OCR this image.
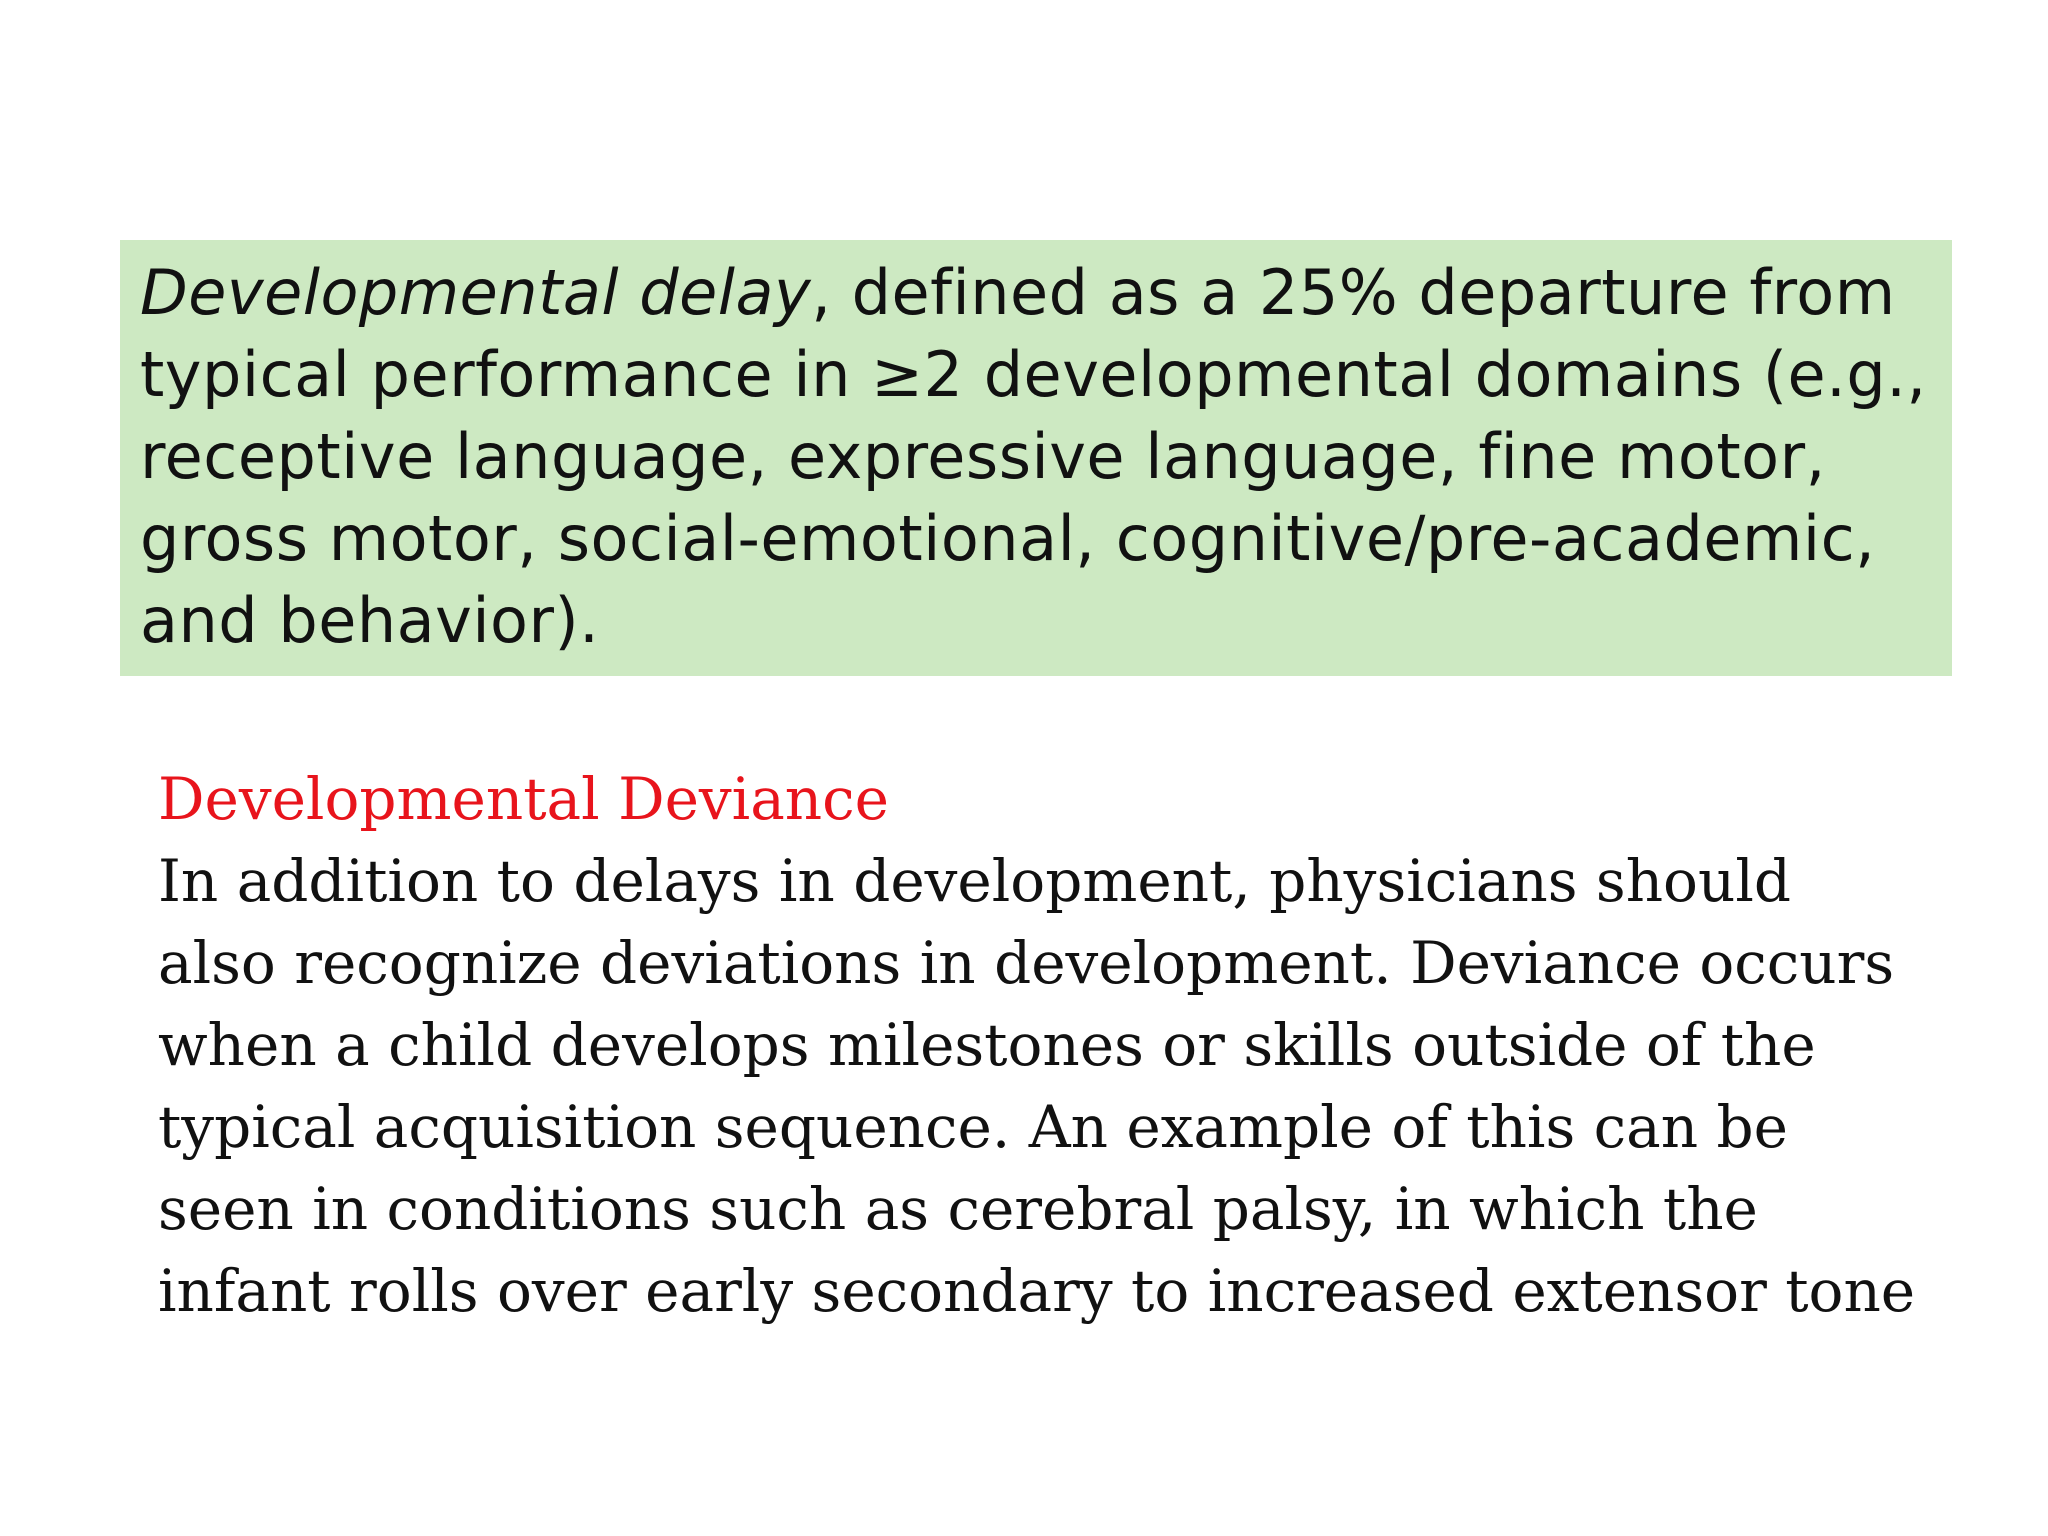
Developmental delay, defined as a 25% departure from
typical performance in ≥2 developmental domains (e.g.,
receptive language, expressive language, fine motor,
gross motor, social-emotional, cognitive/pre-academic,
and behavior).

Developmental Deviance

In addition to delays in development, physicians should
also recognize deviations in development. Deviance occurs
when a child develops milestones or skills outside of the
typical acquisition sequence. An example of this can be
seen in conditions such as cerebral palsy, in which the
infant rolls over early secondary to increased extensor tone
